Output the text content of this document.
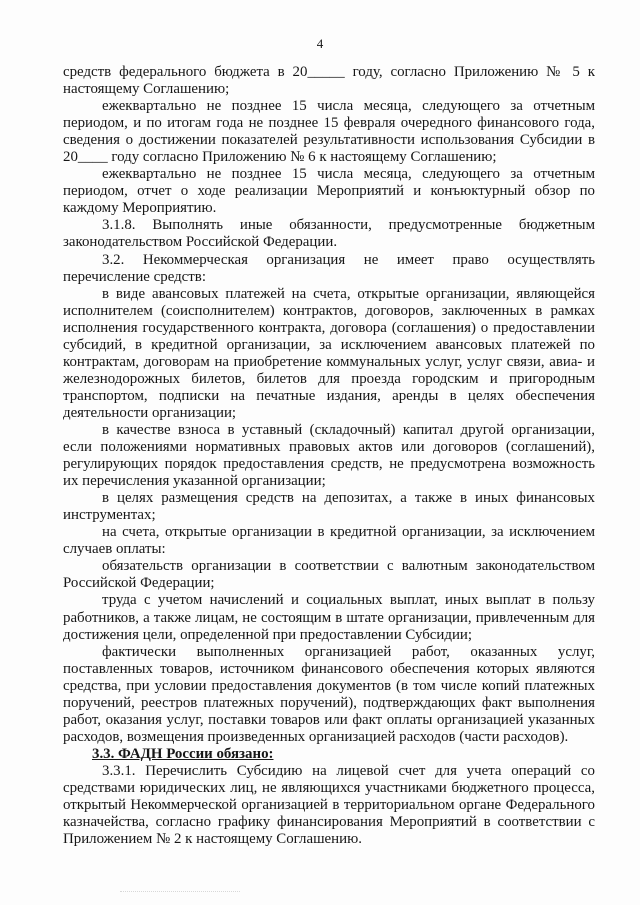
4

средств федерального бюджета в 20_____ году, согласно Приложению № 5 к настоящему Соглашению;

ежеквартально не позднее 15 числа месяца, следующего за отчетным периодом, и по итогам года не позднее 15 февраля очередного финансового года, сведения о достижении показателей результативности использования Субсидии в 20____ году согласно Приложению № 6 к настоящему Соглашению;

ежеквартально не позднее 15 числа месяца, следующего за отчетным периодом, отчет о ходе реализации Мероприятий и конъюктурный обзор по каждому Мероприятию.

3.1.8. Выполнять иные обязанности, предусмотренные бюджетным законодательством Российской Федерации.

3.2. Некоммерческая организация не имеет право осуществлять перечисление средств:

в виде авансовых платежей на счета, открытые организации, являющейся исполнителем (соисполнителем) контрактов, договоров, заключенных в рамках исполнения государственного контракта, договора (соглашения) о предоставлении субсидий, в кредитной организации, за исключением авансовых платежей по контрактам, договорам на приобретение коммунальных услуг, услуг связи, авиа- и железнодорожных билетов, билетов для проезда городским и пригородным транспортом, подписки на печатные издания, аренды в целях обеспечения деятельности организации;

в качестве взноса в уставный (складочный) капитал другой организации, если положениями нормативных правовых актов или договоров (соглашений), регулирующих порядок предоставления средств, не предусмотрена возможность их перечисления указанной организации;

в целях размещения средств на депозитах, а также в иных финансовых инструментах;

на счета, открытые организации в кредитной организации, за исключением случаев оплаты:

обязательств организации в соответствии с валютным законодательством Российской Федерации;

труда с учетом начислений и социальных выплат, иных выплат в пользу работников, а также лицам, не состоящим в штате организации, привлеченным для достижения цели, определенной при предоставлении Субсидии;

фактически выполненных организацией работ, оказанных услуг, поставленных товаров, источником финансового обеспечения которых являются средства, при условии предоставления документов (в том числе копий платежных поручений, реестров платежных поручений), подтверждающих факт выполнения работ, оказания услуг, поставки товаров или факт оплаты организацией указанных расходов, возмещения произведенных организацией расходов (части расходов).

3.3. ФАДН России обязано:

3.3.1. Перечислить Субсидию на лицевой счет для учета операций со средствами юридических лиц, не являющихся участниками бюджетного процесса, открытый Некоммерческой организацией в территориальном органе Федерального казначейства, согласно графику финансирования Мероприятий в соответствии с Приложением № 2 к настоящему Соглашению.
